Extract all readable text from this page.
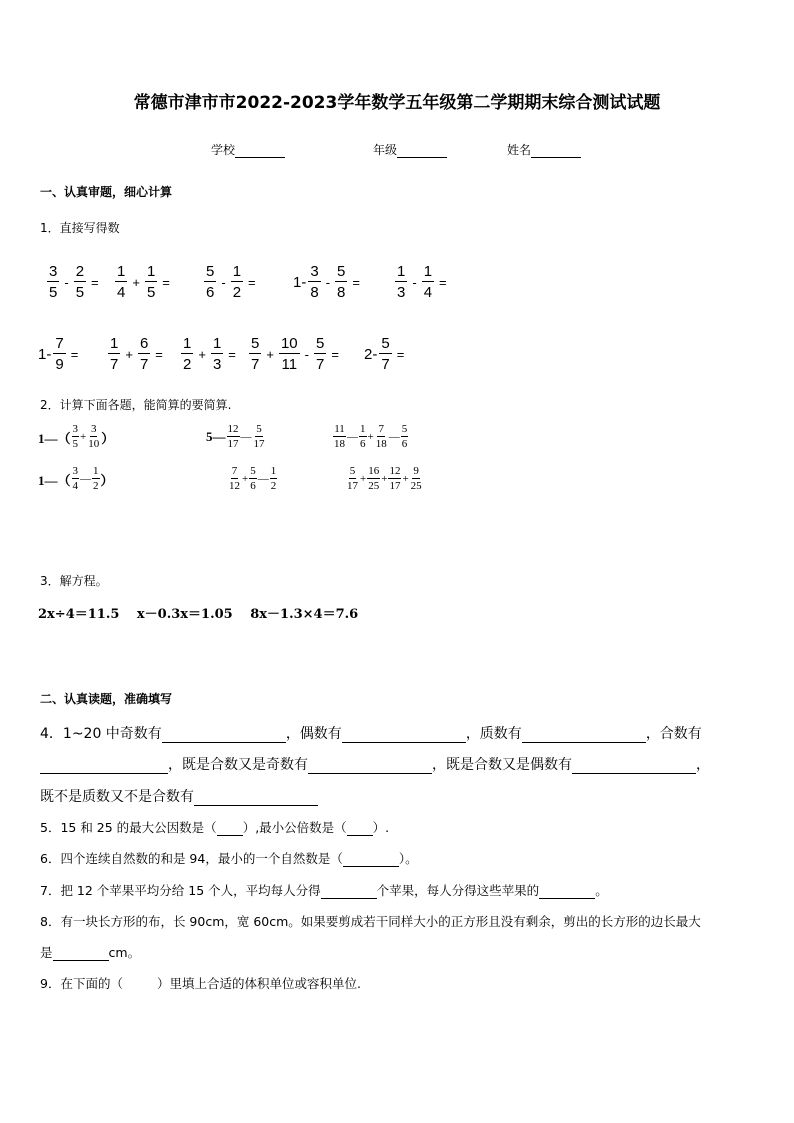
常德市津市市2022-2023学年数学五年级第二学期期末综合测试试题
学校	年级	姓名
一、认真审题，细心计算
1．直接写得数
3
5
- $\frac{2}{5}$ =
1
4
+ $\frac{1}{5}$ =
5
6
- $\frac{1}{2} = 1-$
3
8
- $\frac{5}{8}$ =
1
3
- $\frac{1}{4}$ =
$1- \frac{7}{9}$ =
1
7
+ $\frac{6}{7}$ =
1
2
+ $\frac{1}{3}$ =
5
7
+ $\frac{10}{11} - \frac{5}{7} = 2- \frac{5}{7}$ =
2．计算下面各题，能简算的要简算.
1—（
3
5
+ $\frac{3}{10}$ ）	5— 12
17
—
5
17
11
18
—
1
6
+ $\frac{7}{18}$ —
5
6
1—（
3
4
—
1
2 ）
7
12
+ $\frac{5}{6}$ —
1
2
5
17
+ $\frac{16}{25} + \frac{12}{17} + \frac{9}{25}$
3．解方程。
2x÷4＝11.5　 x－0.3x＝1.05　 8x－1.3×4＝7.6
二、认真读题，准确填写
4．1~20 中奇数有	，偶数有	，质数有	，合数有
，既是合数又是奇数有	，既是合数又是偶数有	，
既不是质数又不是合数有
5．15 和 25 的最大公因数是（ ）,最小公倍数是（ ）.
6．四个连续自然数的和是 94，最小的一个自然数是（	）。
7．把 12 个苹果平均分给 15 个人，平均每人分得	个苹果，每人分得这些苹果的	。
8．有一块长方形的布，长 90cm，宽 60cm。如果要剪成若干同样大小的正方形且没有剩余，剪出的长方形的边长最大
是	cm。
9．在下面的（	）里填上合适的体积单位或容积单位.
